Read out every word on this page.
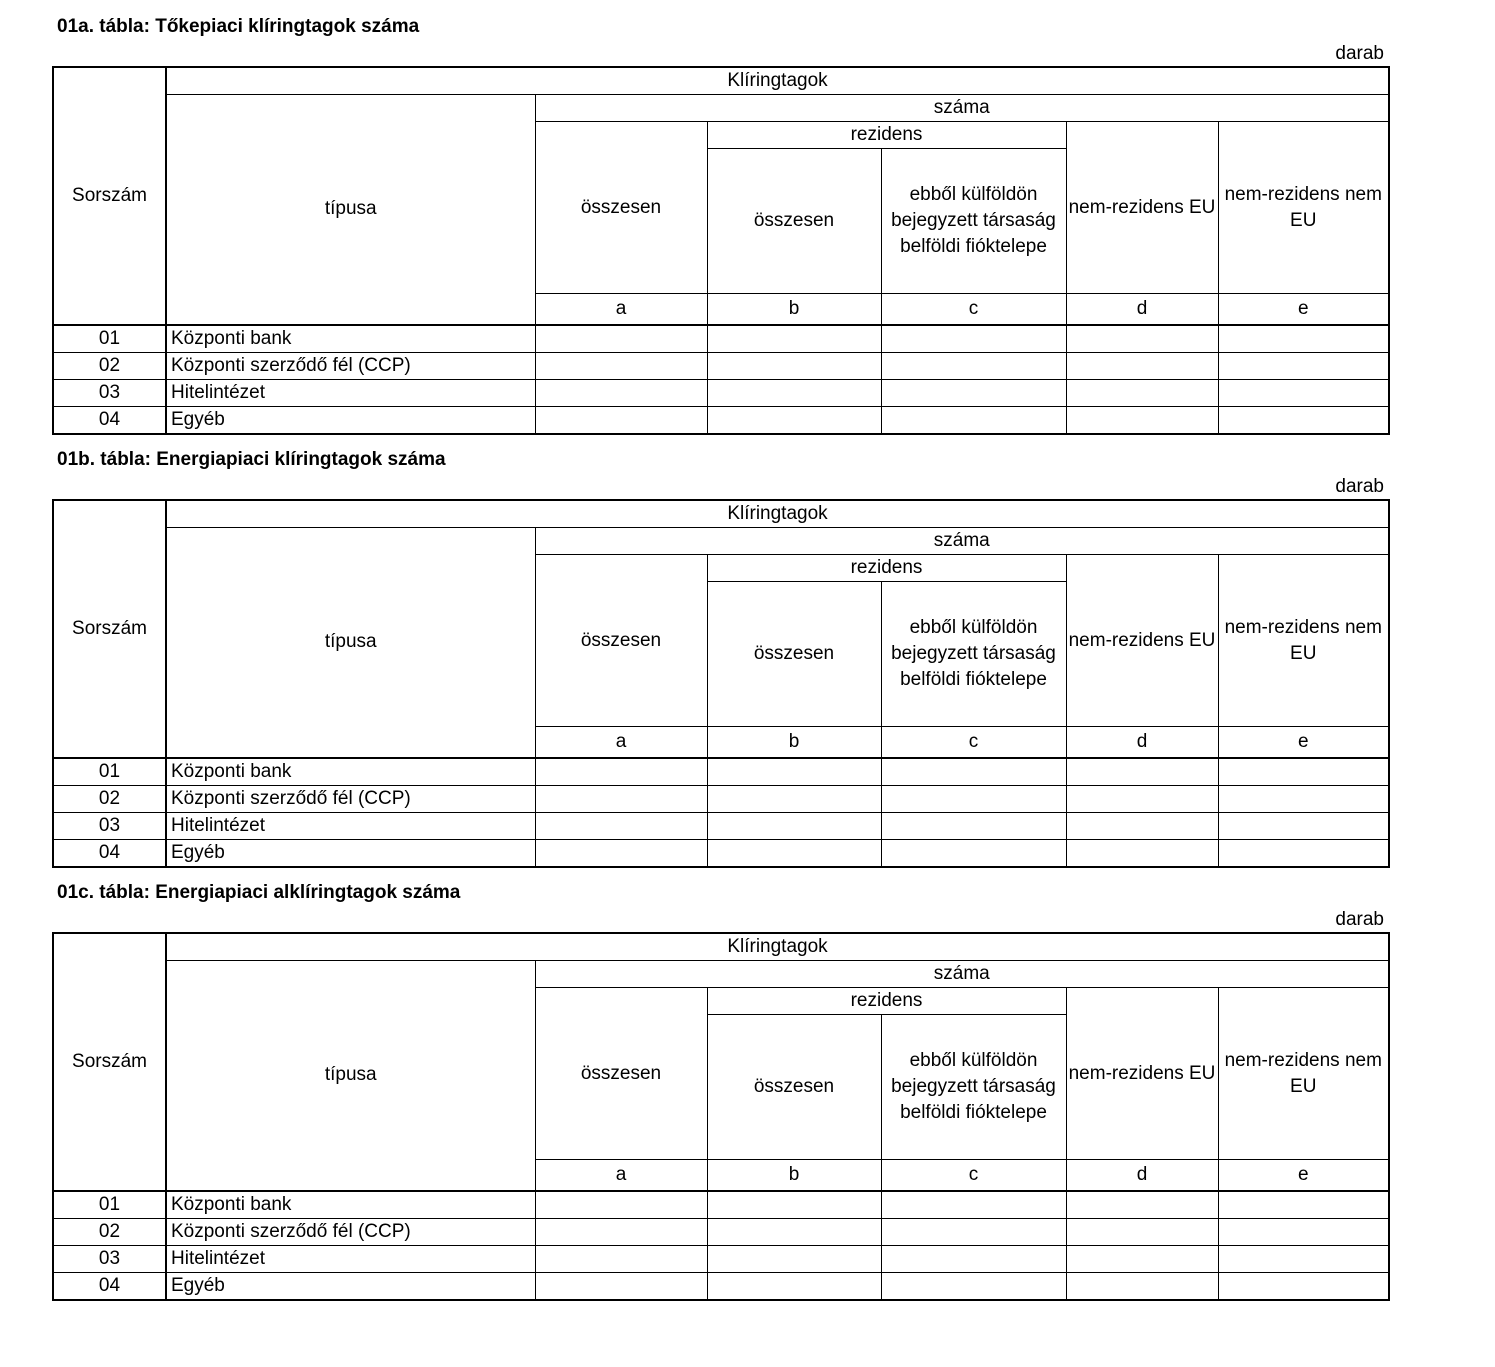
01a. tábla: Tőkepiaci klíringtagok száma
darab
Sorszám	Klíringtagok					
	típusa	száma				
		összesen	rezidens		nem-rezidens EU	nem-rezidens nem EU
			összesen	ebből külföldön bejegyzett társaság belföldi fióktelepe		

		a	b	c	d	e
01	Központi bank					
02	Központi szerződő fél (CCP)					
03	Hitelintézet					
04	Egyéb					
01b. tábla: Energiapiaci klíringtagok száma
darab
Sorszám	Klíringtagok					
	típusa	száma				
		összesen	rezidens		nem-rezidens EU	nem-rezidens nem EU
			összesen	ebből külföldön bejegyzett társaság belföldi fióktelepe		

		a	b	c	d	e
01	Központi bank					
02	Központi szerződő fél (CCP)					
03	Hitelintézet					
04	Egyéb					
01c. tábla: Energiapiaci alklíringtagok száma
darab
Sorszám	Klíringtagok					
	típusa	száma				
		összesen	rezidens		nem-rezidens EU	nem-rezidens nem EU
			összesen	ebből külföldön bejegyzett társaság belföldi fióktelepe		

		a	b	c	d	e
01	Központi bank					
02	Központi szerződő fél (CCP)					
03	Hitelintézet					
04	Egyéb					
